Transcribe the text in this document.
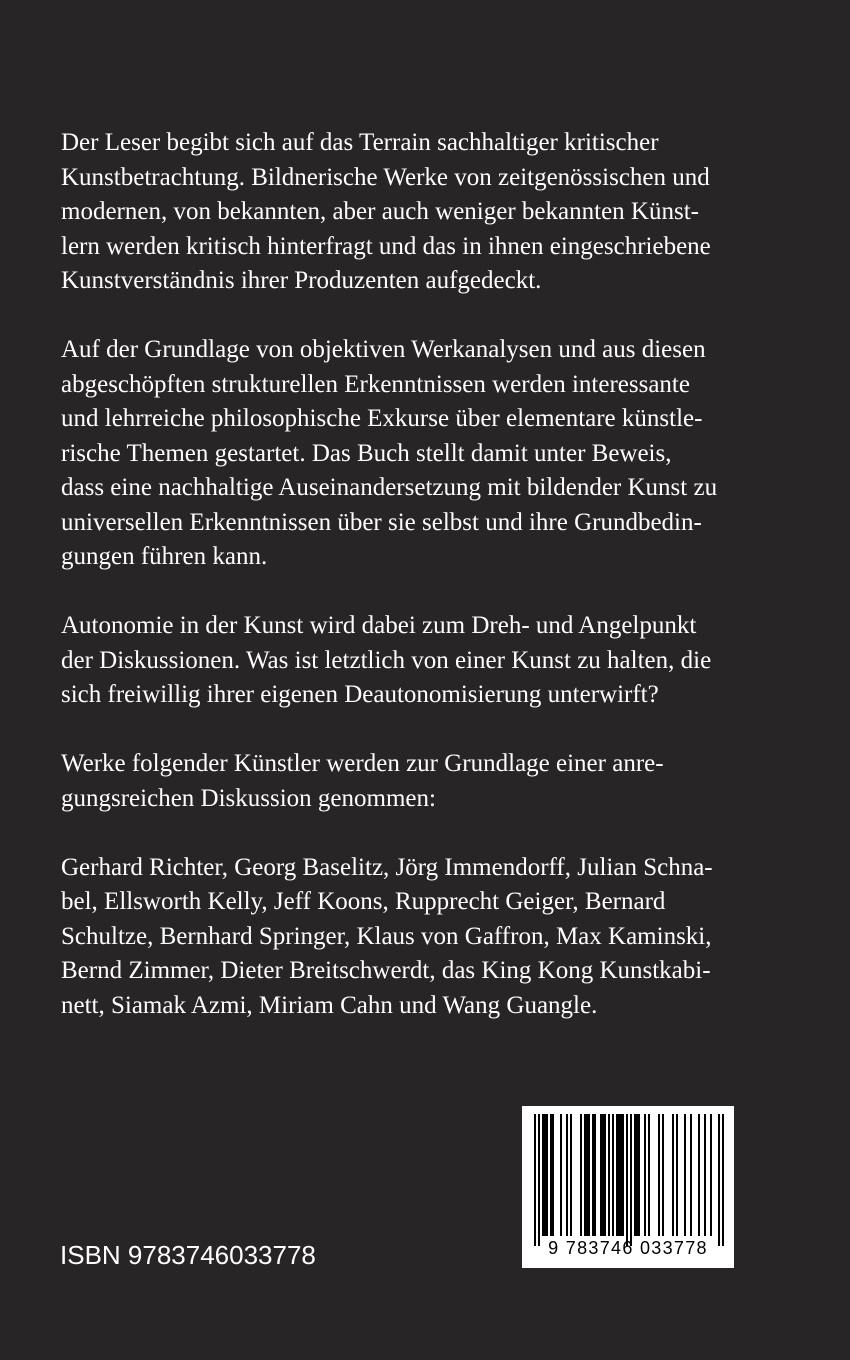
Der Leser begibt sich auf das Terrain sachhaltiger kritischer
Kunstbetrachtung. Bildnerische Werke von zeitgenössischen und
modernen, von bekannten, aber auch weniger bekannten Künst-
lern werden kritisch hinterfragt und das in ihnen eingeschriebene
Kunstverständnis ihrer Produzenten aufgedeckt.

Auf der Grundlage von objektiven Werkanalysen und aus diesen
abgeschöpften strukturellen Erkenntnissen werden interessante
und lehrreiche philosophische Exkurse über elementare künstle-
rische Themen gestartet. Das Buch stellt damit unter Beweis,
dass eine nachhaltige Auseinandersetzung mit bildender Kunst zu
universellen Erkenntnissen über sie selbst und ihre Grundbedin-
gungen führen kann.

Autonomie in der Kunst wird dabei zum Dreh- und Angelpunkt
der Diskussionen. Was ist letztlich von einer Kunst zu halten, die
sich freiwillig ihrer eigenen Deautonomisierung unterwirft?

Werke folgender Künstler werden zur Grundlage einer anre-
gungsreichen Diskussion genommen:

Gerhard Richter, Georg Baselitz, Jörg Immendorff, Julian Schna-
bel, Ellsworth Kelly, Jeff Koons, Rupprecht Geiger, Bernard
Schultze, Bernhard Springer, Klaus von Gaffron, Max Kaminski,
Bernd Zimmer, Dieter Breitschwerdt, das King Kong Kunstkabi-
nett, Siamak Azmi, Miriam Cahn und Wang Guangle.

ISBN 9783746033778	9 783746 033778
